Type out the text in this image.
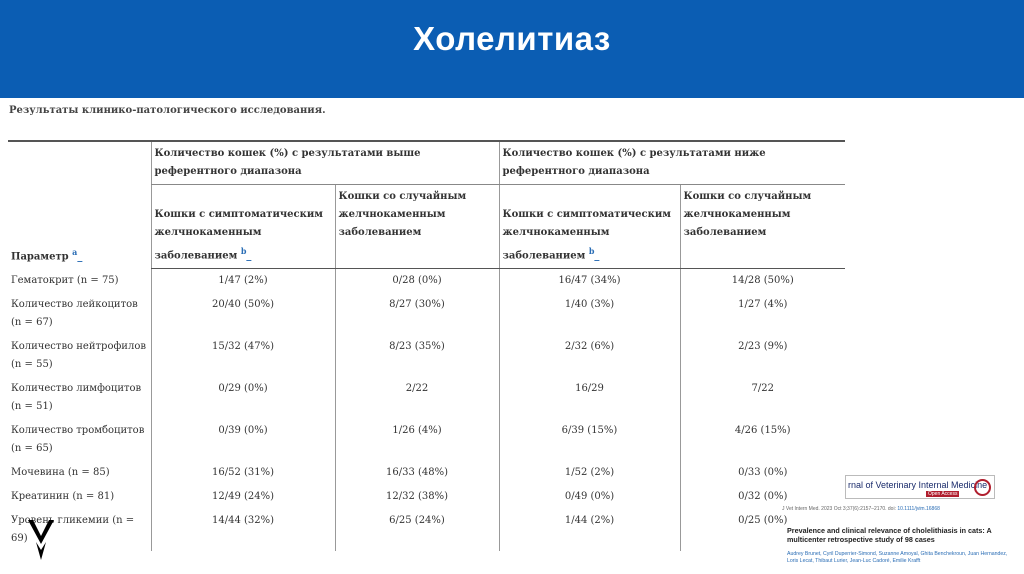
Холелитиаз
Результаты клинико-патологического исследования.
Параметр $^a$_	Количество кошек (%) с результатами выше референтного диапазона		Количество кошек (%) с результатами ниже референтного диапазона	

	Кошки с симптоматическим желчнокаменным заболеванием $^b$_	Кошки со случайным желчнокаменным заболеванием	Кошки с симптоматическим желчнокаменным заболеванием $^b$_	Кошки со случайным желчнокаменным заболеванием
Гематокрит (n = 75)	1/47 (2%)	0/28 (0%)	16/47 (34%)	14/28 (50%)
Количество лейкоцитов (n = 67)	20/40 (50%)	8/27 (30%)	1/40 (3%)	1/27 (4%)
Количество нейтрофилов (n = 55)	15/32 (47%)	8/23 (35%)	2/32 (6%)	2/23 (9%)
Количество лимфоцитов (n = 51)	0/29 (0%)	2/22	16/29	7/22
Количество тромбоцитов (n = 65)	0/39 (0%)	1/26 (4%)	6/39 (15%)	4/26 (15%)
Мочевина (n = 85)	16/52 (31%)	16/33 (48%)	1/52 (2%)	0/33 (0%)
Креатинин (n = 81)	12/49 (24%)	12/32 (38%)	0/49 (0%)	0/32 (0%)
Уровень гликемии (n = 69)	14/44 (32%)	6/25 (24%)	1/44 (2%)	0/25 (0%)
rnal of Veterinary Internal Medicine
Open Access
J Vet Intern Med. 2023 Oct 3;37(6):2157–2170. doi: 10.1111/jvim.16868
Prevalence and clinical relevance of cholelithiasis in cats: A multicenter retrospective study of 98 cases
Audrey Brunet, Cyril Duperrier-Simond, Suzanne Amoyal, Ghita Benchekroun, Juan Hernandez, Loris Lecat, Thibaut Lurier, Jean-Luc Cadoré, Emilie Krafft
